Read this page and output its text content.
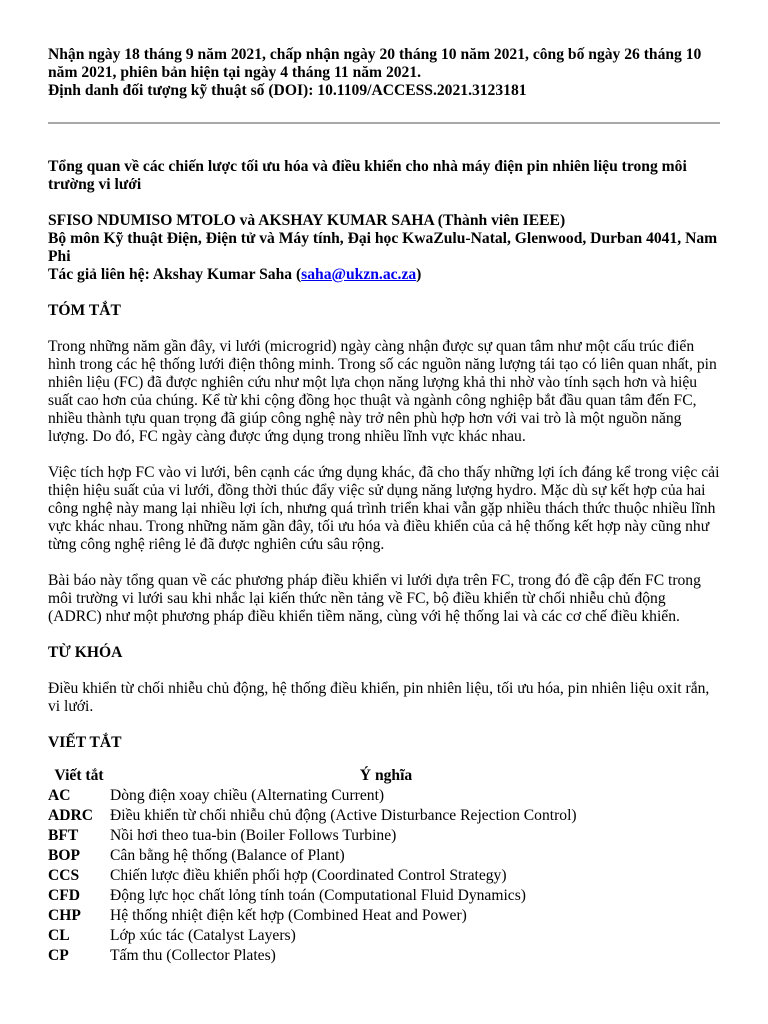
Nhận ngày 18 tháng 9 năm 2021, chấp nhận ngày 20 tháng 10 năm 2021, công bố ngày 26 tháng 10 năm 2021, phiên bản hiện tại ngày 4 tháng 11 năm 2021.
Định danh đối tượng kỹ thuật số (DOI): 10.1109/ACCESS.2021.3123181
Tổng quan về các chiến lược tối ưu hóa và điều khiển cho nhà máy điện pin nhiên liệu trong môi trường vi lưới
SFISO NDUMISO MTOLO và AKSHAY KUMAR SAHA (Thành viên IEEE)
Bộ môn Kỹ thuật Điện, Điện tử và Máy tính, Đại học KwaZulu-Natal, Glenwood, Durban 4041, Nam Phi
Tác giả liên hệ: Akshay Kumar Saha (saha@ukzn.ac.za)
TÓM TẮT

Trong những năm gần đây, vi lưới (microgrid) ngày càng nhận được sự quan tâm như một cấu trúc điển hình trong các hệ thống lưới điện thông minh. Trong số các nguồn năng lượng tái tạo có liên quan nhất, pin nhiên liệu (FC) đã được nghiên cứu như một lựa chọn năng lượng khả thi nhờ vào tính sạch hơn và hiệu suất cao hơn của chúng. Kể từ khi cộng đồng học thuật và ngành công nghiệp bắt đầu quan tâm đến FC, nhiều thành tựu quan trọng đã giúp công nghệ này trở nên phù hợp hơn với vai trò là một nguồn năng lượng. Do đó, FC ngày càng được ứng dụng trong nhiều lĩnh vực khác nhau.

Việc tích hợp FC vào vi lưới, bên cạnh các ứng dụng khác, đã cho thấy những lợi ích đáng kể trong việc cải thiện hiệu suất của vi lưới, đồng thời thúc đẩy việc sử dụng năng lượng hydro. Mặc dù sự kết hợp của hai công nghệ này mang lại nhiều lợi ích, nhưng quá trình triển khai vẫn gặp nhiều thách thức thuộc nhiều lĩnh vực khác nhau. Trong những năm gần đây, tối ưu hóa và điều khiển của cả hệ thống kết hợp này cũng như từng công nghệ riêng lẻ đã được nghiên cứu sâu rộng.

Bài báo này tổng quan về các phương pháp điều khiển vi lưới dựa trên FC, trong đó đề cập đến FC trong môi trường vi lưới sau khi nhắc lại kiến thức nền tảng về FC, bộ điều khiển từ chối nhiễu chủ động (ADRC) như một phương pháp điều khiển tiềm năng, cùng với hệ thống lai và các cơ chế điều khiển.

TỪ KHÓA

Điều khiển từ chối nhiễu chủ động, hệ thống điều khiển, pin nhiên liệu, tối ưu hóa, pin nhiên liệu oxit rắn, vi lưới.

VIẾT TẮT
Viết tắt	Ý nghĩa
AC	Dòng điện xoay chiều (Alternating Current)
ADRC	Điều khiển từ chối nhiễu chủ động (Active Disturbance Rejection Control)
BFT	Nồi hơi theo tua-bin (Boiler Follows Turbine)
BOP	Cân bằng hệ thống (Balance of Plant)
CCS	Chiến lược điều khiển phối hợp (Coordinated Control Strategy)
CFD	Động lực học chất lỏng tính toán (Computational Fluid Dynamics)
CHP	Hệ thống nhiệt điện kết hợp (Combined Heat and Power)
CL	Lớp xúc tác (Catalyst Layers)
CP	Tấm thu (Collector Plates)
